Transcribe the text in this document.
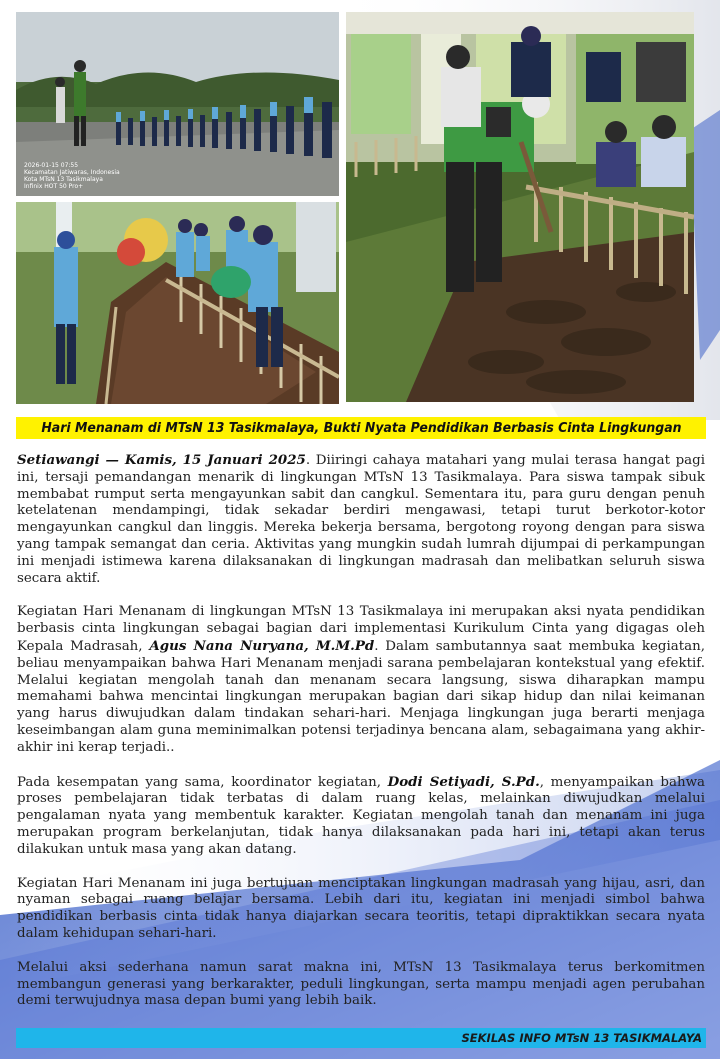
2026-01-15 07:55
Kecamatan Jatiwaras, Indonesia
Kota MTsN 13 Tasikmalaya
Infinix HOT 50 Pro+
Hari Menanam di MTsN 13 Tasikmalaya, Bukti Nyata Pendidikan Berbasis Cinta Lingkungan

Setiawangi — Kamis, 15 Januari 2025. Diiringi cahaya matahari yang mulai terasa hangat pagi ini, tersaji pemandangan menarik di lingkungan MTsN 13 Tasikmalaya. Para siswa tampak sibuk membabat rumput serta mengayunkan sabit dan cangkul. Sementara itu, para guru dengan penuh ketelatenan mendampingi, tidak sekadar berdiri mengawasi, tetapi turut berkotor-kotor mengayunkan cangkul dan linggis. Mereka bekerja bersama, bergotong royong dengan para siswa yang tampak semangat dan ceria. Aktivitas yang mungkin sudah lumrah dijumpai di perkampungan ini menjadi istimewa karena dilaksanakan di lingkungan madrasah dan melibatkan seluruh siswa secara aktif.

Kegiatan Hari Menanam di lingkungan MTsN 13 Tasikmalaya ini merupakan aksi nyata pendidikan berbasis cinta lingkungan sebagai bagian dari implementasi Kurikulum Cinta yang digagas oleh Kepala Madrasah, Agus Nana Nuryana, M.M.Pd. Dalam sambutannya saat membuka kegiatan, beliau menyampaikan bahwa Hari Menanam menjadi sarana pembelajaran kontekstual yang efektif. Melalui kegiatan mengolah tanah dan menanam secara langsung, siswa diharapkan mampu memahami bahwa mencintai lingkungan merupakan bagian dari sikap hidup dan nilai keimanan yang harus diwujudkan dalam tindakan sehari-hari. Menjaga lingkungan juga berarti menjaga keseimbangan alam guna meminimalkan potensi terjadinya bencana alam, sebagaimana yang akhir-akhir ini kerap terjadi..

Pada kesempatan yang sama, koordinator kegiatan, Dodi Setiyadi, S.Pd., menyampaikan bahwa proses pembelajaran tidak terbatas di dalam ruang kelas, melainkan diwujudkan melalui pengalaman nyata yang membentuk karakter. Kegiatan mengolah tanah dan menanam ini juga merupakan program berkelanjutan, tidak hanya dilaksanakan pada hari ini, tetapi akan terus dilakukan untuk masa yang akan datang.

Kegiatan Hari Menanam ini juga bertujuan menciptakan lingkungan madrasah yang hijau, asri, dan nyaman sebagai ruang belajar bersama. Lebih dari itu, kegiatan ini menjadi simbol bahwa pendidikan berbasis cinta tidak hanya diajarkan secara teoritis, tetapi dipraktikkan secara nyata dalam kehidupan sehari-hari.

Melalui aksi sederhana namun sarat makna ini, MTsN 13 Tasikmalaya terus berkomitmen membangun generasi yang berkarakter, peduli lingkungan, serta mampu menjadi agen perubahan demi terwujudnya masa depan bumi yang lebih baik.

SEKILAS INFO MTsN 13 TASIKMALAYA
